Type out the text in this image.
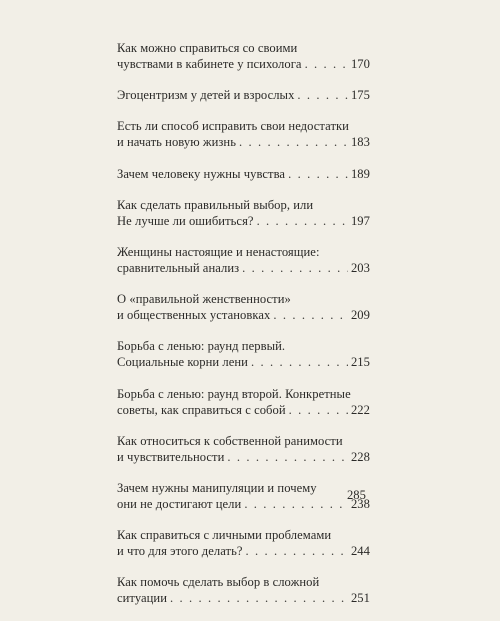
Как можно справиться со своими
чувствами в кабинете у психолога . . .	170
Эгоцентризм у детей и взрослых . . .	175
Есть ли способ исправить свои недостатки
и начать новую жизнь . . .	183
Зачем человеку нужны чувства . . .	189
Как сделать правильный выбор, или
Не лучше ли ошибиться? . . .	197
Женщины настоящие и ненастоящие:
сравнительный анализ . . .	203
О «правильной женственности»
и общественных установках . . .	209
Борьба с ленью: раунд первый.
Социальные корни лени . . .	215
Борьба с ленью: раунд второй. Конкретные
советы, как справиться с собой . . .	222
Как относиться к собственной ранимости
и чувствительности . . .	228
Зачем нужны манипуляции и почему
они не достигают цели . . .	238
Как справиться с личными проблемами
и что для этого делать? . . .	244
Как помочь сделать выбор в сложной
ситуации . . .	251
285
